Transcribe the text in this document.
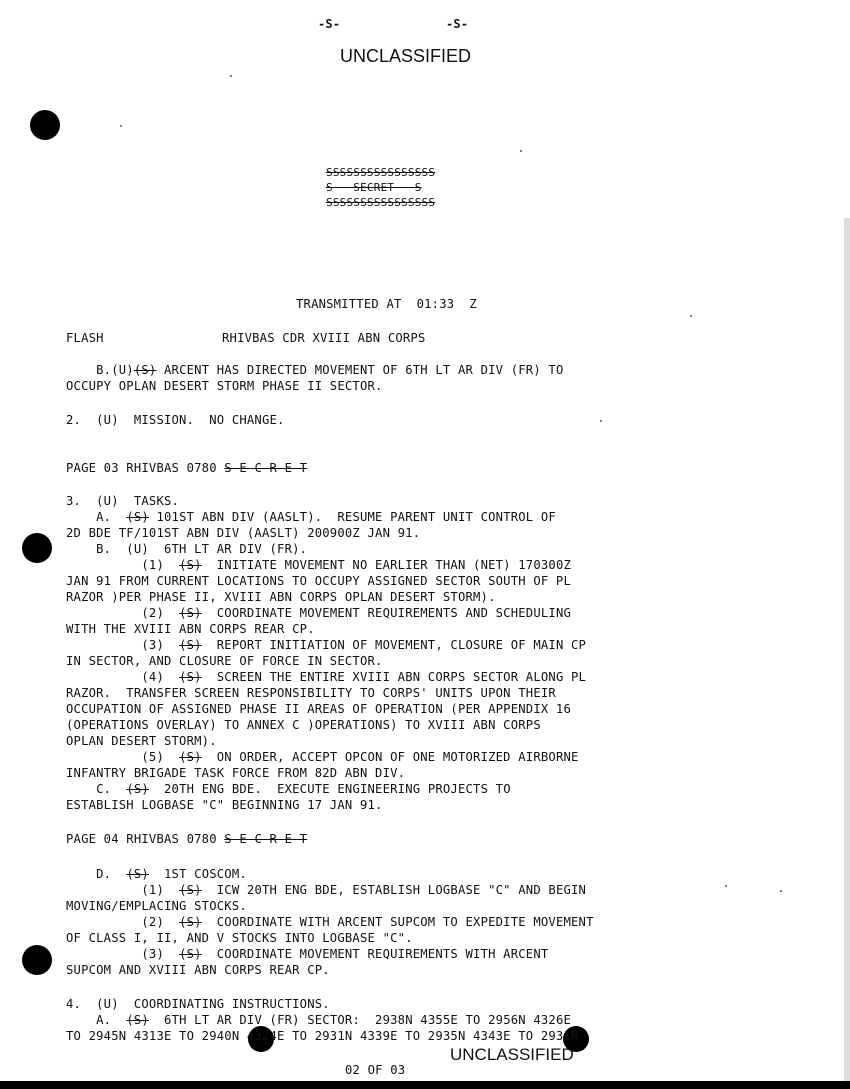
-S-	-S-
UNCLASSIFIED
SSSSSSSSSSSSSSSS
S   SECRET   S
SSSSSSSSSSSSSSSS
TRANSMITTED AT  01:33  Z
FLASH	RHIVBAS CDR XVIII ABN CORPS
B.(U)(S) ARCENT HAS DIRECTED MOVEMENT OF 6TH LT AR DIV (FR) TO
OCCUPY OPLAN DESERT STORM PHASE II SECTOR.
2.  (U)  MISSION.  NO CHANGE.
PAGE 03 RHIVBAS 0780 S E C R E T
3.  (U)  TASKS.
A.  (S) 101ST ABN DIV (AASLT).  RESUME PARENT UNIT CONTROL OF
2D BDE TF/101ST ABN DIV (AASLT) 200900Z JAN 91.
B.  (U)  6TH LT AR DIV (FR).
(1)  (S)  INITIATE MOVEMENT NO EARLIER THAN (NET) 170300Z
JAN 91 FROM CURRENT LOCATIONS TO OCCUPY ASSIGNED SECTOR SOUTH OF PL
RAZOR )PER PHASE II, XVIII ABN CORPS OPLAN DESERT STORM).
(2)  (S)  COORDINATE MOVEMENT REQUIREMENTS AND SCHEDULING
WITH THE XVIII ABN CORPS REAR CP.
(3)  (S)  REPORT INITIATION OF MOVEMENT, CLOSURE OF MAIN CP
IN SECTOR, AND CLOSURE OF FORCE IN SECTOR.
(4)  (S)  SCREEN THE ENTIRE XVIII ABN CORPS SECTOR ALONG PL
RAZOR.  TRANSFER SCREEN RESPONSIBILITY TO CORPS' UNITS UPON THEIR
OCCUPATION OF ASSIGNED PHASE II AREAS OF OPERATION (PER APPENDIX 16
(OPERATIONS OVERLAY) TO ANNEX C )OPERATIONS) TO XVIII ABN CORPS
OPLAN DESERT STORM).
(5)  (S)  ON ORDER, ACCEPT OPCON OF ONE MOTORIZED AIRBORNE
INFANTRY BRIGADE TASK FORCE FROM 82D ABN DIV.
C.  (S)  20TH ENG BDE.  EXECUTE ENGINEERING PROJECTS TO
ESTABLISH LOGBASE "C" BEGINNING 17 JAN 91.
PAGE 04 RHIVBAS 0780 S E C R E T
D.  (S)  1ST COSCOM.
(1)  (S)  ICW 20TH ENG BDE, ESTABLISH LOGBASE "C" AND BEGIN
MOVING/EMPLACING STOCKS.
(2)  (S)  COORDINATE WITH ARCENT SUPCOM TO EXPEDITE MOVEMENT
OF CLASS I, II, AND V STOCKS INTO LOGBASE "C".
(3)  (S)  COORDINATE MOVEMENT REQUIREMENTS WITH ARCENT
SUPCOM AND XVIII ABN CORPS REAR CP.
4.  (U)  COORDINATING INSTRUCTIONS.
A.  (S)  6TH LT AR DIV (FR) SECTOR:  2938N 4355E TO 2956N 4326E
TO 2945N 4313E TO 2940N 4324E TO 2931N 4339E TO 2935N 4343E TO 2931N
UNCLASSIFIED
02 OF 03
